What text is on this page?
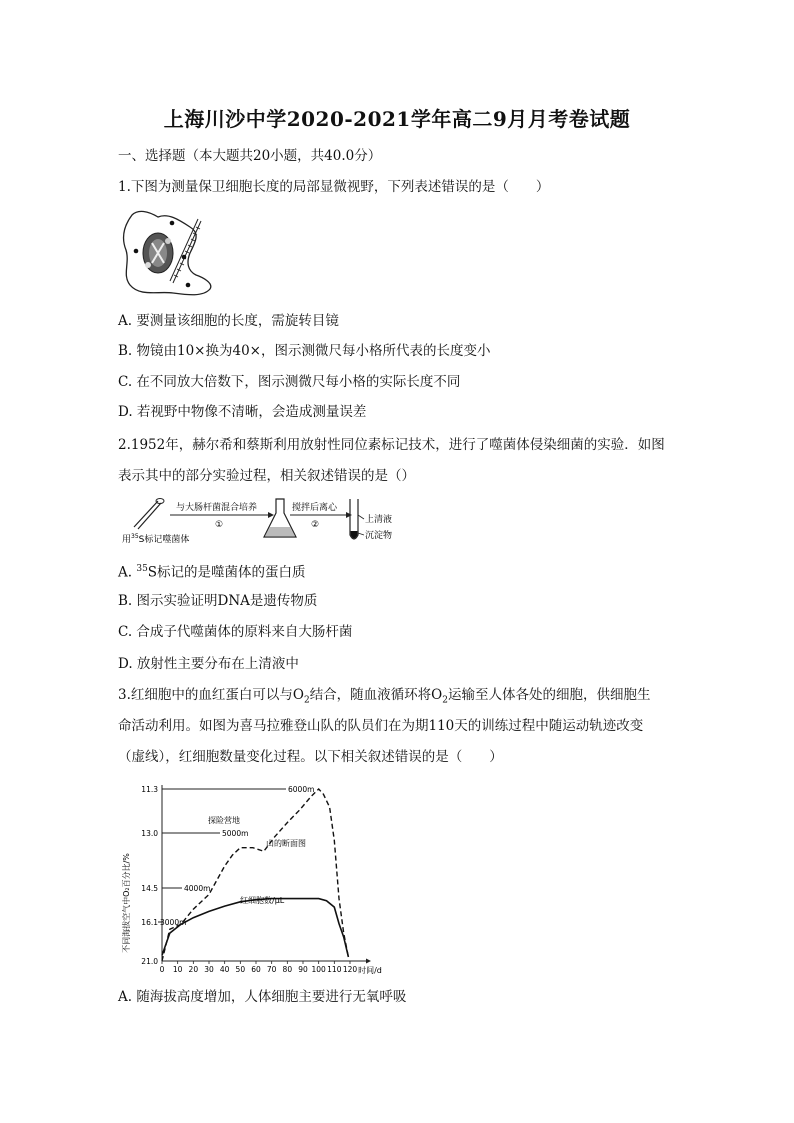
上海川沙中学2020-2021学年高二9月月考卷试题
一、选择题（本大题共20小题，共40.0分）
1.下图为测量保卫细胞长度的局部显微视野，下列表述错误的是（　　）
A. 要测量该细胞的长度，需旋转目镜
B. 物镜由10×换为40×，图示测微尺每小格所代表的长度变小
C. 在不同放大倍数下，图示测微尺每小格的实际长度不同
D. 若视野中物像不清晰，会造成测量误差
2.1952年，赫尔希和蔡斯利用放射性同位素标记技术，进行了噬菌体侵染细菌的实验．如图
表示其中的部分实验过程，相关叙述错误的是（）
用$^{35}$S标记噬菌体
与大肠杆菌混合培养
①
搅拌后离心
②	上清液
沉淀物
A. $^{35}$S标记的是噬菌体的蛋白质
B. 图示实验证明DNA是遗传物质
C. 合成子代噬菌体的原料来自大肠杆菌
D. 放射性主要分布在上清液中
3.红细胞中的血红蛋白可以与$O_2$结合，随血液循环将$O_2$运输至人体各处的细胞，供细胞生
命活动利用。如图为喜马拉雅登山队的队员们在为期110天的训练过程中随运动轨迹改变
（虚线），红细胞数量变化过程。以下相关叙述错误的是（　　）
不同海拔空气中O₂百分比/%
11.3
13.0
14.5
16.1
21.0
0 10 20 30 40 50 60 70 80 90 100 110 120
6000m
5000m
4000m
3000m
探险营地
山的断面图
红细胞数/μL
时间/d
A. 随海拔高度增加，人体细胞主要进行无氧呼吸
